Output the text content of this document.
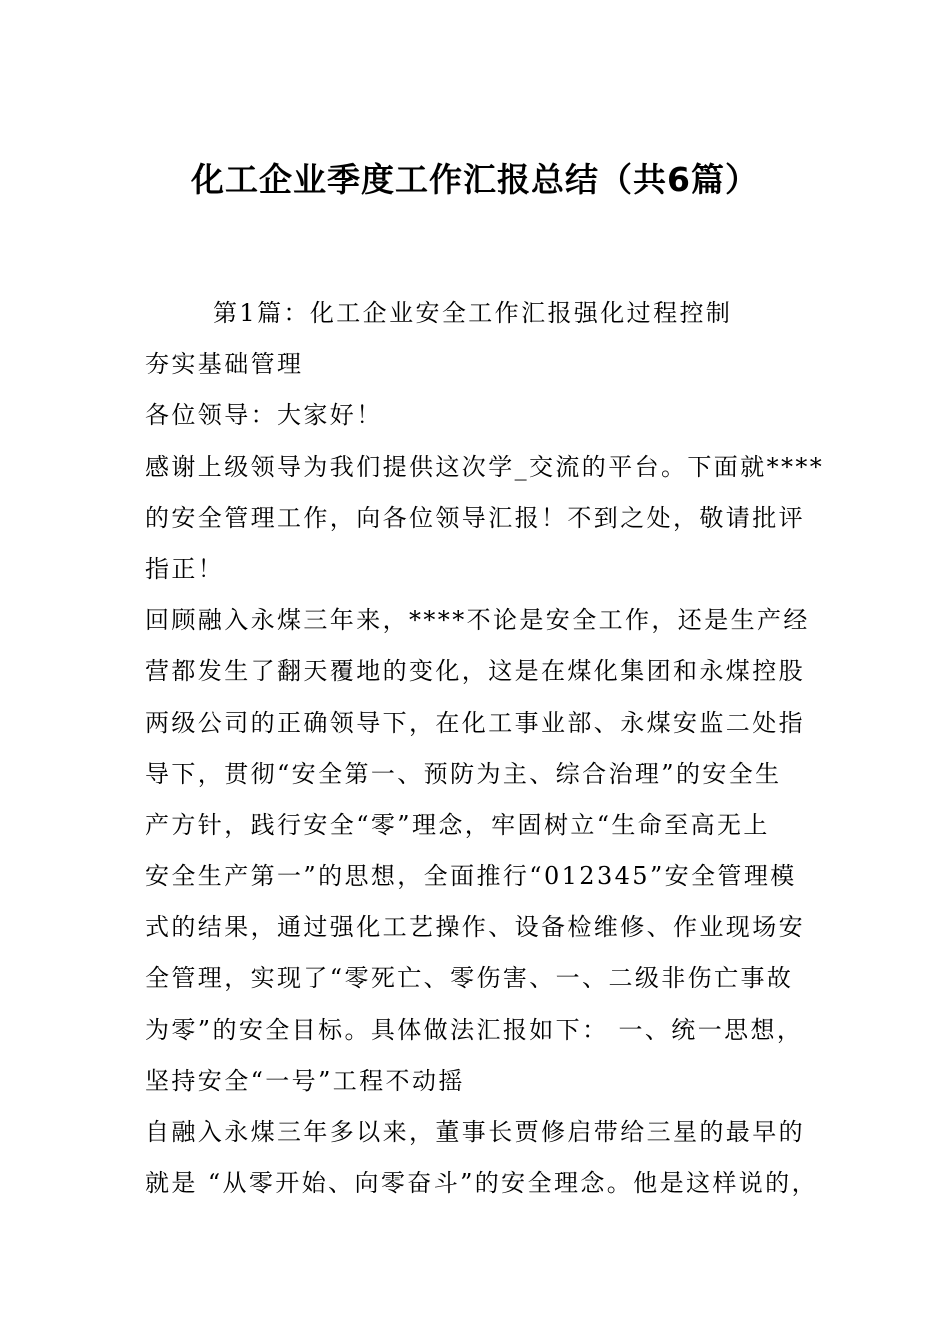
化工企业季度工作汇报总结（共6篇）
第1篇：化工企业安全工作汇报强化过程控制
夯实基础管理
各位领导：大家好！
感谢上级领导为我们提供这次学_交流的平台。下面就****
的安全管理工作，向各位领导汇报！不到之处，敬请批评
指正！
回顾融入永煤三年来，****不论是安全工作，还是生产经
营都发生了翻天覆地的变化，这是在煤化集团和永煤控股
两级公司的正确领导下，在化工事业部、永煤安监二处指
导下，贯彻“安全第一、预防为主、综合治理”的安全生
产方针，践行安全“零”理念，牢固树立“生命至高无上
安全生产第一”的思想，全面推行“012345”安全管理模
式的结果，通过强化工艺操作、设备检维修、作业现场安
全管理，实现了“零死亡、零伤害、一、二级非伤亡事故
为零”的安全目标。具体做法汇报如下： 一、统一思想，
坚持安全“一号”工程不动摇
自融入永煤三年多以来，董事长贾修启带给三星的最早的
就是 “从零开始、向零奋斗”的安全理念。他是这样说的，
